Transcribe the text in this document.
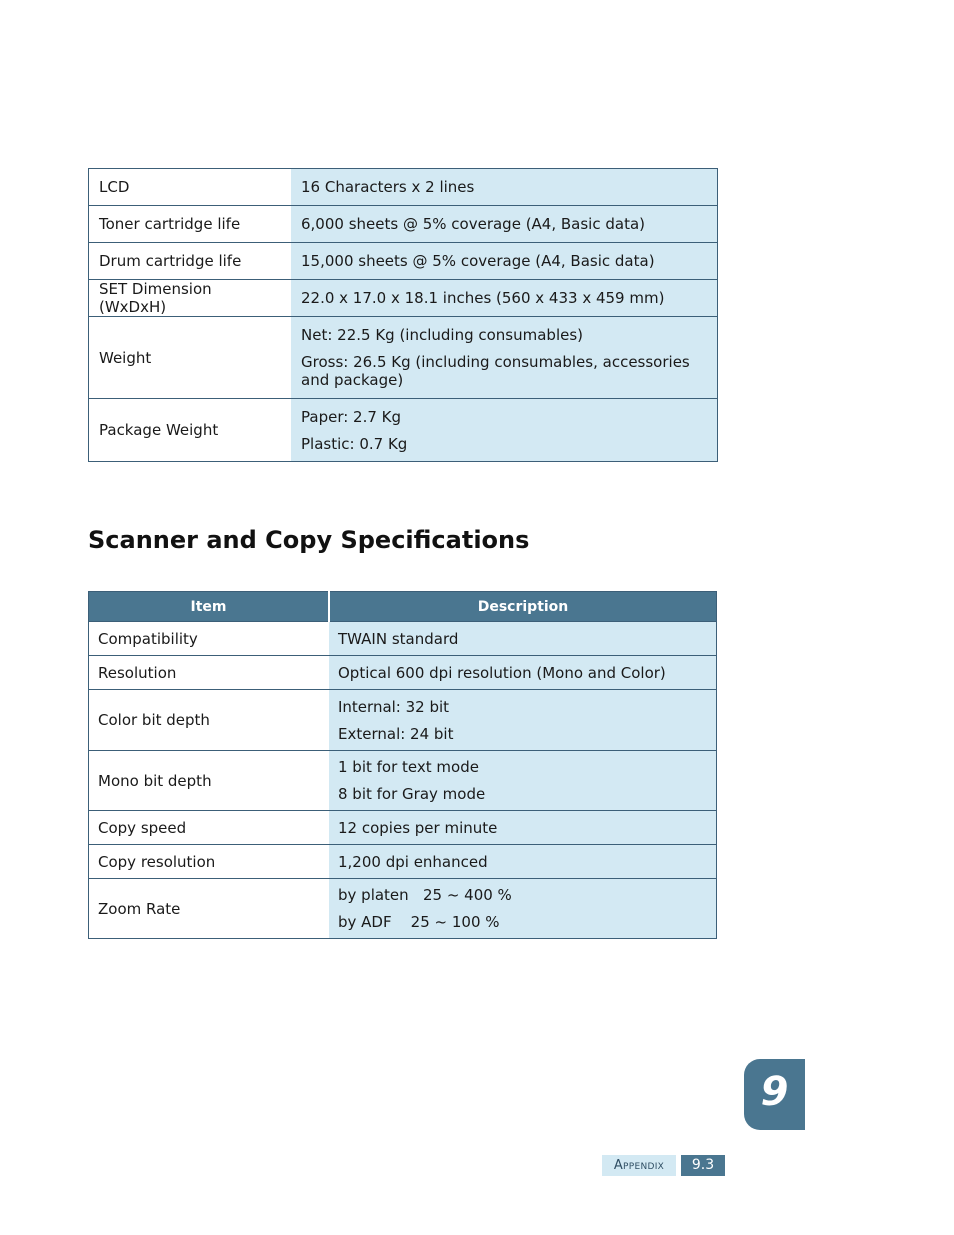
LCD	16 Characters x 2 lines

Toner cartridge life	6,000 sheets @ 5% coverage (A4, Basic data)

Drum cartridge life	15,000 sheets @ 5% coverage (A4, Basic data)

SET Dimension (WxDxH)	22.0 x 17.0 x 18.1 inches (560 x 433 x 459 mm)

Weight	Net: 22.5 Kg (including consumables)
Gross: 26.5 Kg (including consumables, accessories and package)

Package Weight	Paper: 2.7 Kg
Plastic: 0.7 Kg
Scanner and Copy Specifications
Item	Description
Compatibility	TWAIN standard

Resolution	Optical 600 dpi resolution (Mono and Color)

Color bit depth	Internal: 32 bit
External: 24 bit

Mono bit depth	1 bit for text mode
8 bit for Gray mode

Copy speed	12 copies per minute

Copy resolution	1,200 dpi enhanced

Zoom Rate	by platen   25 ~ 400 %
by ADF    25 ~ 100 %
9
Appendix	9.3
